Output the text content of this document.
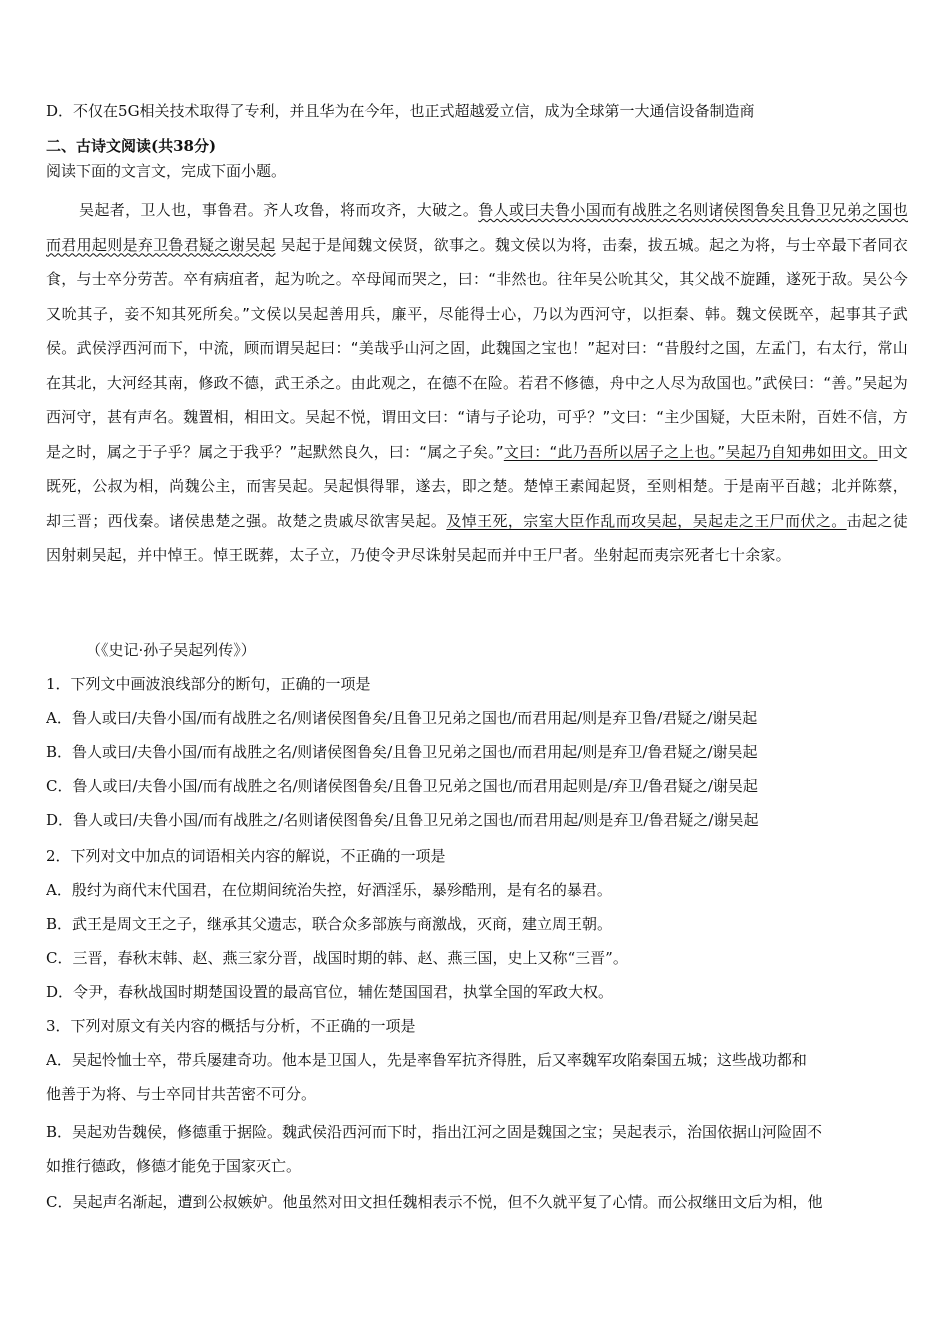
D．不仅在5G相关技术取得了专利，并且华为在今年，也正式超越爱立信，成为全球第一大通信设备制造商
二、古诗文阅读(共38分)
阅读下面的文言文，完成下面小题。
吴起者，卫人也，事鲁君。齐人攻鲁，将而攻齐，大破之。鲁人或曰夫鲁小国而有战胜之名则诸侯图鲁矣且鲁卫兄弟之国也而君用起则是弃卫鲁君疑之谢吴起 吴起于是闻魏文侯贤，欲事之。魏文侯以为将，击秦，拔五城。起之为将，与士卒最下者同衣食，与士卒分劳苦。卒有病疽者，起为吮之。卒母闻而哭之，曰：“非然也。往年吴公吮其父，其父战不旋踵，遂死于敌。吴公今又吮其子，妾不知其死所矣。”文侯以吴起善用兵，廉平，尽能得士心，乃以为西河守，以拒秦、韩。魏文侯既卒，起事其子武侯。武侯浮西河而下，中流，顾而谓吴起曰：“美哉乎山河之固，此魏国之宝也！”起对曰：“昔殷纣之国，左孟门，右太行，常山在其北，大河经其南，修政不德，武王杀之。由此观之，在德不在险。若君不修德，舟中之人尽为敌国也。”武侯曰：“善。”吴起为西河守，甚有声名。魏置相，相田文。吴起不悦，谓田文曰：“请与子论功，可乎？”文曰：“主少国疑，大臣未附，百姓不信，方是之时，属之于子乎？属之于我乎？”起默然良久，曰：“属之子矣。”文曰：“此乃吾所以居子之上也。”吴起乃自知弗如田文。田文既死，公叔为相，尚魏公主，而害吴起。吴起惧得罪，遂去，即之楚。楚悼王素闻起贤，至则相楚。于是南平百越；北并陈蔡，却三晋；西伐秦。诸侯患楚之强。故楚之贵戚尽欲害吴起。及悼王死，宗室大臣作乱而攻吴起，吴起走之王尸而伏之。击起之徒因射刺吴起，并中悼王。悼王既葬，太子立，乃使令尹尽诛射吴起而并中王尸者。坐射起而夷宗死者七十余家。
（《史记·孙子吴起列传》）
1．下列文中画波浪线部分的断句，正确的一项是
A．鲁人或曰/夫鲁小国/而有战胜之名/则诸侯图鲁矣/且鲁卫兄弟之国也/而君用起/则是弃卫鲁/君疑之/谢吴起
B．鲁人或曰/夫鲁小国/而有战胜之名/则诸侯图鲁矣/且鲁卫兄弟之国也/而君用起/则是弃卫/鲁君疑之/谢吴起
C．鲁人或曰/夫鲁小国/而有战胜之名/则诸侯图鲁矣/且鲁卫兄弟之国也/而君用起则是/弃卫/鲁君疑之/谢吴起
D．鲁人或曰/夫鲁小国/而有战胜之/名则诸侯图鲁矣/且鲁卫兄弟之国也/而君用起/则是弃卫/鲁君疑之/谢吴起
2．下列对文中加点的词语相关内容的解说，不正确的一项是
A．殷纣为商代末代国君，在位期间统治失控，好酒淫乐，暴殄酷刑，是有名的暴君。
B．武王是周文王之子，继承其父遗志，联合众多部族与商激战，灭商，建立周王朝。
C．三晋，春秋末韩、赵、燕三家分晋，战国时期的韩、赵、燕三国，史上又称“三晋”。
D．令尹，春秋战国时期楚国设置的最高官位，辅佐楚国国君，执掌全国的军政大权。
3．下列对原文有关内容的概括与分析，不正确的一项是
A．吴起怜恤士卒，带兵屡建奇功。他本是卫国人，先是率鲁军抗齐得胜，后又率魏军攻陷秦国五城；这些战功都和
他善于为将、与士卒同甘共苦密不可分。
B．吴起劝告魏侯，修德重于据险。魏武侯沿西河而下时，指出江河之固是魏国之宝；吴起表示，治国依据山河险固不
如推行德政，修德才能免于国家灭亡。
C．吴起声名渐起，遭到公叔嫉妒。他虽然对田文担任魏相表示不悦，但不久就平复了心情。而公叔继田文后为相，他
